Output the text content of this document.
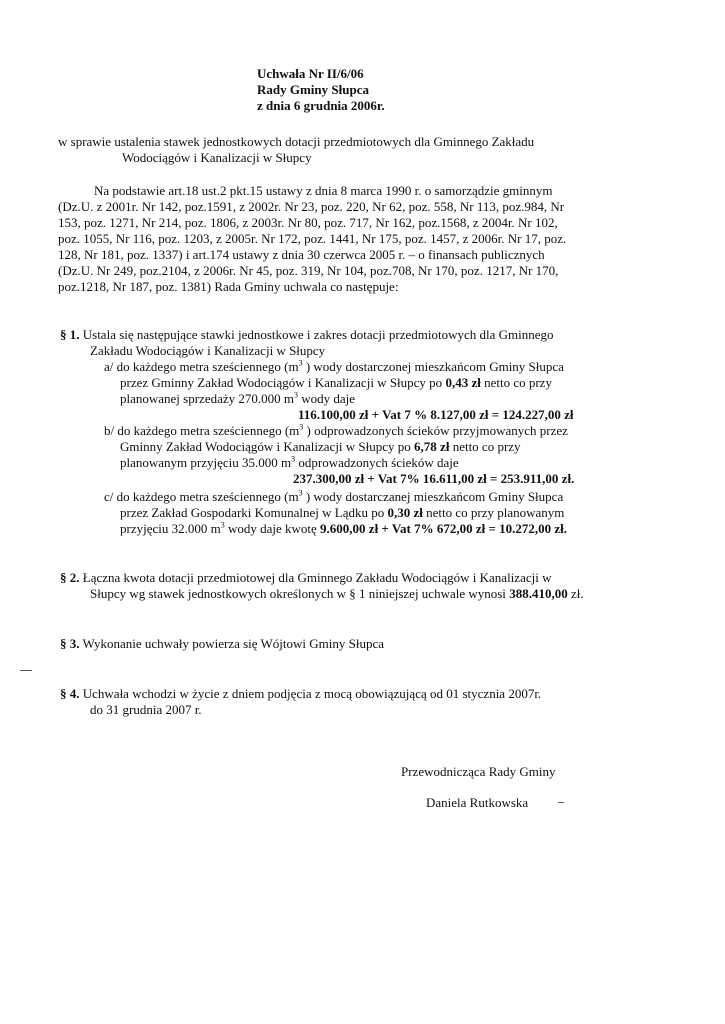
Uchwała Nr II/6/06
Rady Gminy Słupca
z dnia 6 grudnia 2006r.
w sprawie ustalenia stawek jednostkowych dotacji przedmiotowych dla Gminnego Zakładu
Wodociągów i Kanalizacji w Słupcy
Na podstawie art.18 ust.2 pkt.15 ustawy z dnia 8 marca 1990 r. o samorządzie gminnym
(Dz.U. z 2001r. Nr 142, poz.1591, z 2002r. Nr 23, poz. 220, Nr 62, poz. 558, Nr 113, poz.984, Nr
153, poz. 1271, Nr 214, poz. 1806, z 2003r. Nr 80, poz. 717, Nr 162, poz.1568, z 2004r. Nr 102,
poz. 1055, Nr 116, poz. 1203, z 2005r. Nr 172, poz. 1441, Nr 175, poz. 1457, z 2006r. Nr 17, poz.
128, Nr 181, poz. 1337) i art.174 ustawy z dnia 30 czerwca 2005 r. – o finansach publicznych
(Dz.U. Nr 249, poz.2104, z 2006r. Nr 45, poz. 319, Nr 104, poz.708, Nr 170, poz. 1217, Nr 170,
poz.1218, Nr 187, poz. 1381) Rada Gminy uchwala co następuje:
§ 1. Ustala się następujące stawki jednostkowe i zakres dotacji przedmiotowych dla Gminnego
Zakładu Wodociągów i Kanalizacji w Słupcy
a/ do każdego metra sześciennego ($m^3$ ) wody dostarczonej mieszkańcom Gminy Słupca
przez Gminny Zakład Wodociągów i Kanalizacji w Słupcy po 0,43 zł netto co przy
planowanej sprzedaży 270.000 $m^3$ wody daje
116.100,00 zł + Vat 7 % 8.127,00 zł = 124.227,00 zł
b/ do każdego metra sześciennego ($m^3$ ) odprowadzonych ścieków przyjmowanych przez
Gminny Zakład Wodociągów i Kanalizacji w Słupcy po 6,78 zł netto co przy
planowanym przyjęciu 35.000 $m^3$ odprowadzonych ścieków daje
237.300,00 zł + Vat 7% 16.611,00 zł = 253.911,00 zł.
c/ do każdego metra sześciennego ($m^3$ ) wody dostarczanej mieszkańcom Gminy Słupca
przez Zakład Gospodarki Komunalnej w Lądku po 0,30 zł netto co przy planowanym
przyjęciu 32.000 $m^3$ wody daje kwotę 9.600,00 zł + Vat 7% 672,00 zł = 10.272,00 zł.
§ 2. Łączna kwota dotacji przedmiotowej dla Gminnego Zakładu Wodociągów i Kanalizacji w
Słupcy wg stawek jednostkowych określonych w § 1 niniejszej uchwale wynosi 388.410,00 zł.
§ 3. Wykonanie uchwały powierza się Wójtowi Gminy Słupca
§ 4. Uchwała wchodzi w życie z dniem podjęcia z mocą obowiązującą od 01 stycznia 2007r.
do 31 grudnia 2007 r.
Przewodnicząca Rady Gminy
Daniela Rutkowska
